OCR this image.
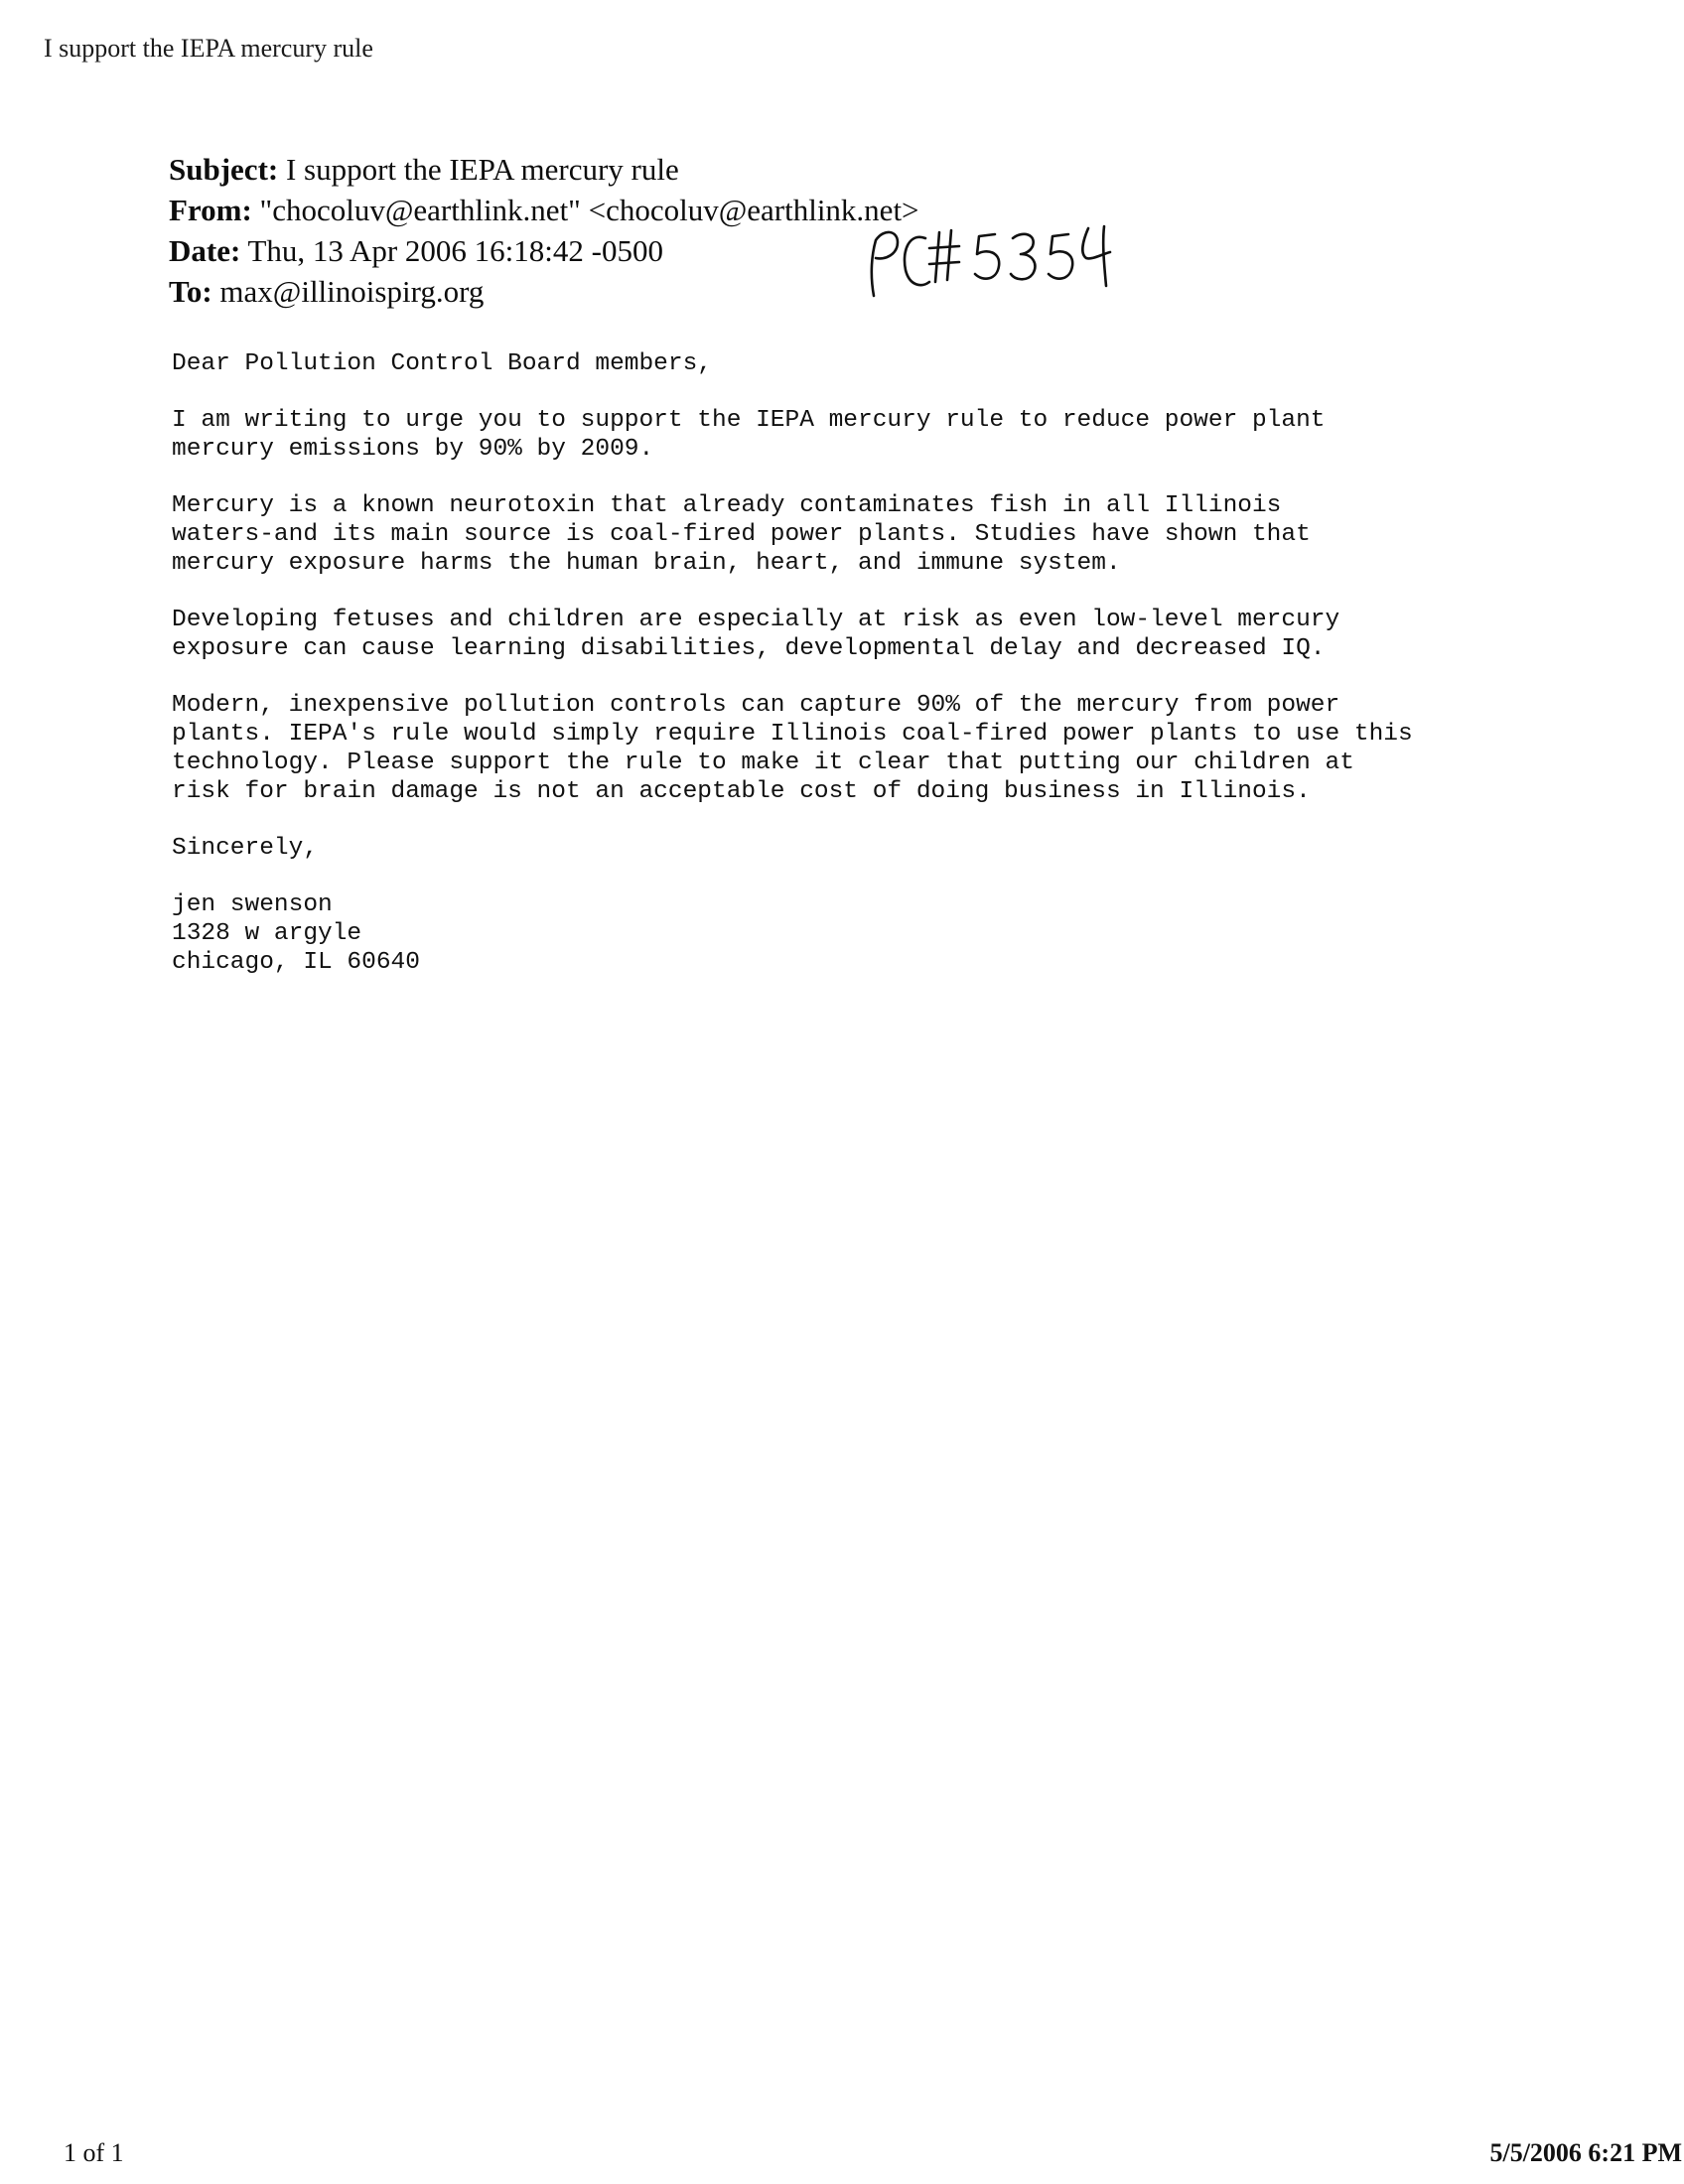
I support the IEPA mercury rule
Subject: I support the IEPA mercury rule
From: "chocoluv@earthlink.net" <chocoluv@earthlink.net>
Date: Thu, 13 Apr 2006 16:18:42 -0500
To: max@illinoispirg.org

Dear Pollution Control Board members,

I am writing to urge you to support the IEPA mercury rule to reduce power plant
mercury emissions by 90% by 2009.

Mercury is a known neurotoxin that already contaminates fish in all Illinois
waters-and its main source is coal-fired power plants. Studies have shown that
mercury exposure harms the human brain, heart, and immune system.

Developing fetuses and children are especially at risk as even low-level mercury
exposure can cause learning disabilities, developmental delay and decreased IQ.

Modern, inexpensive pollution controls can capture 90% of the mercury from power
plants. IEPA's rule would simply require Illinois coal-fired power plants to use this
technology. Please support the rule to make it clear that putting our children at
risk for brain damage is not an acceptable cost of doing business in Illinois.

Sincerely,

jen swenson
1328 w argyle
chicago, IL 60640
1 of 1	5/5/2006 6:21 PM
